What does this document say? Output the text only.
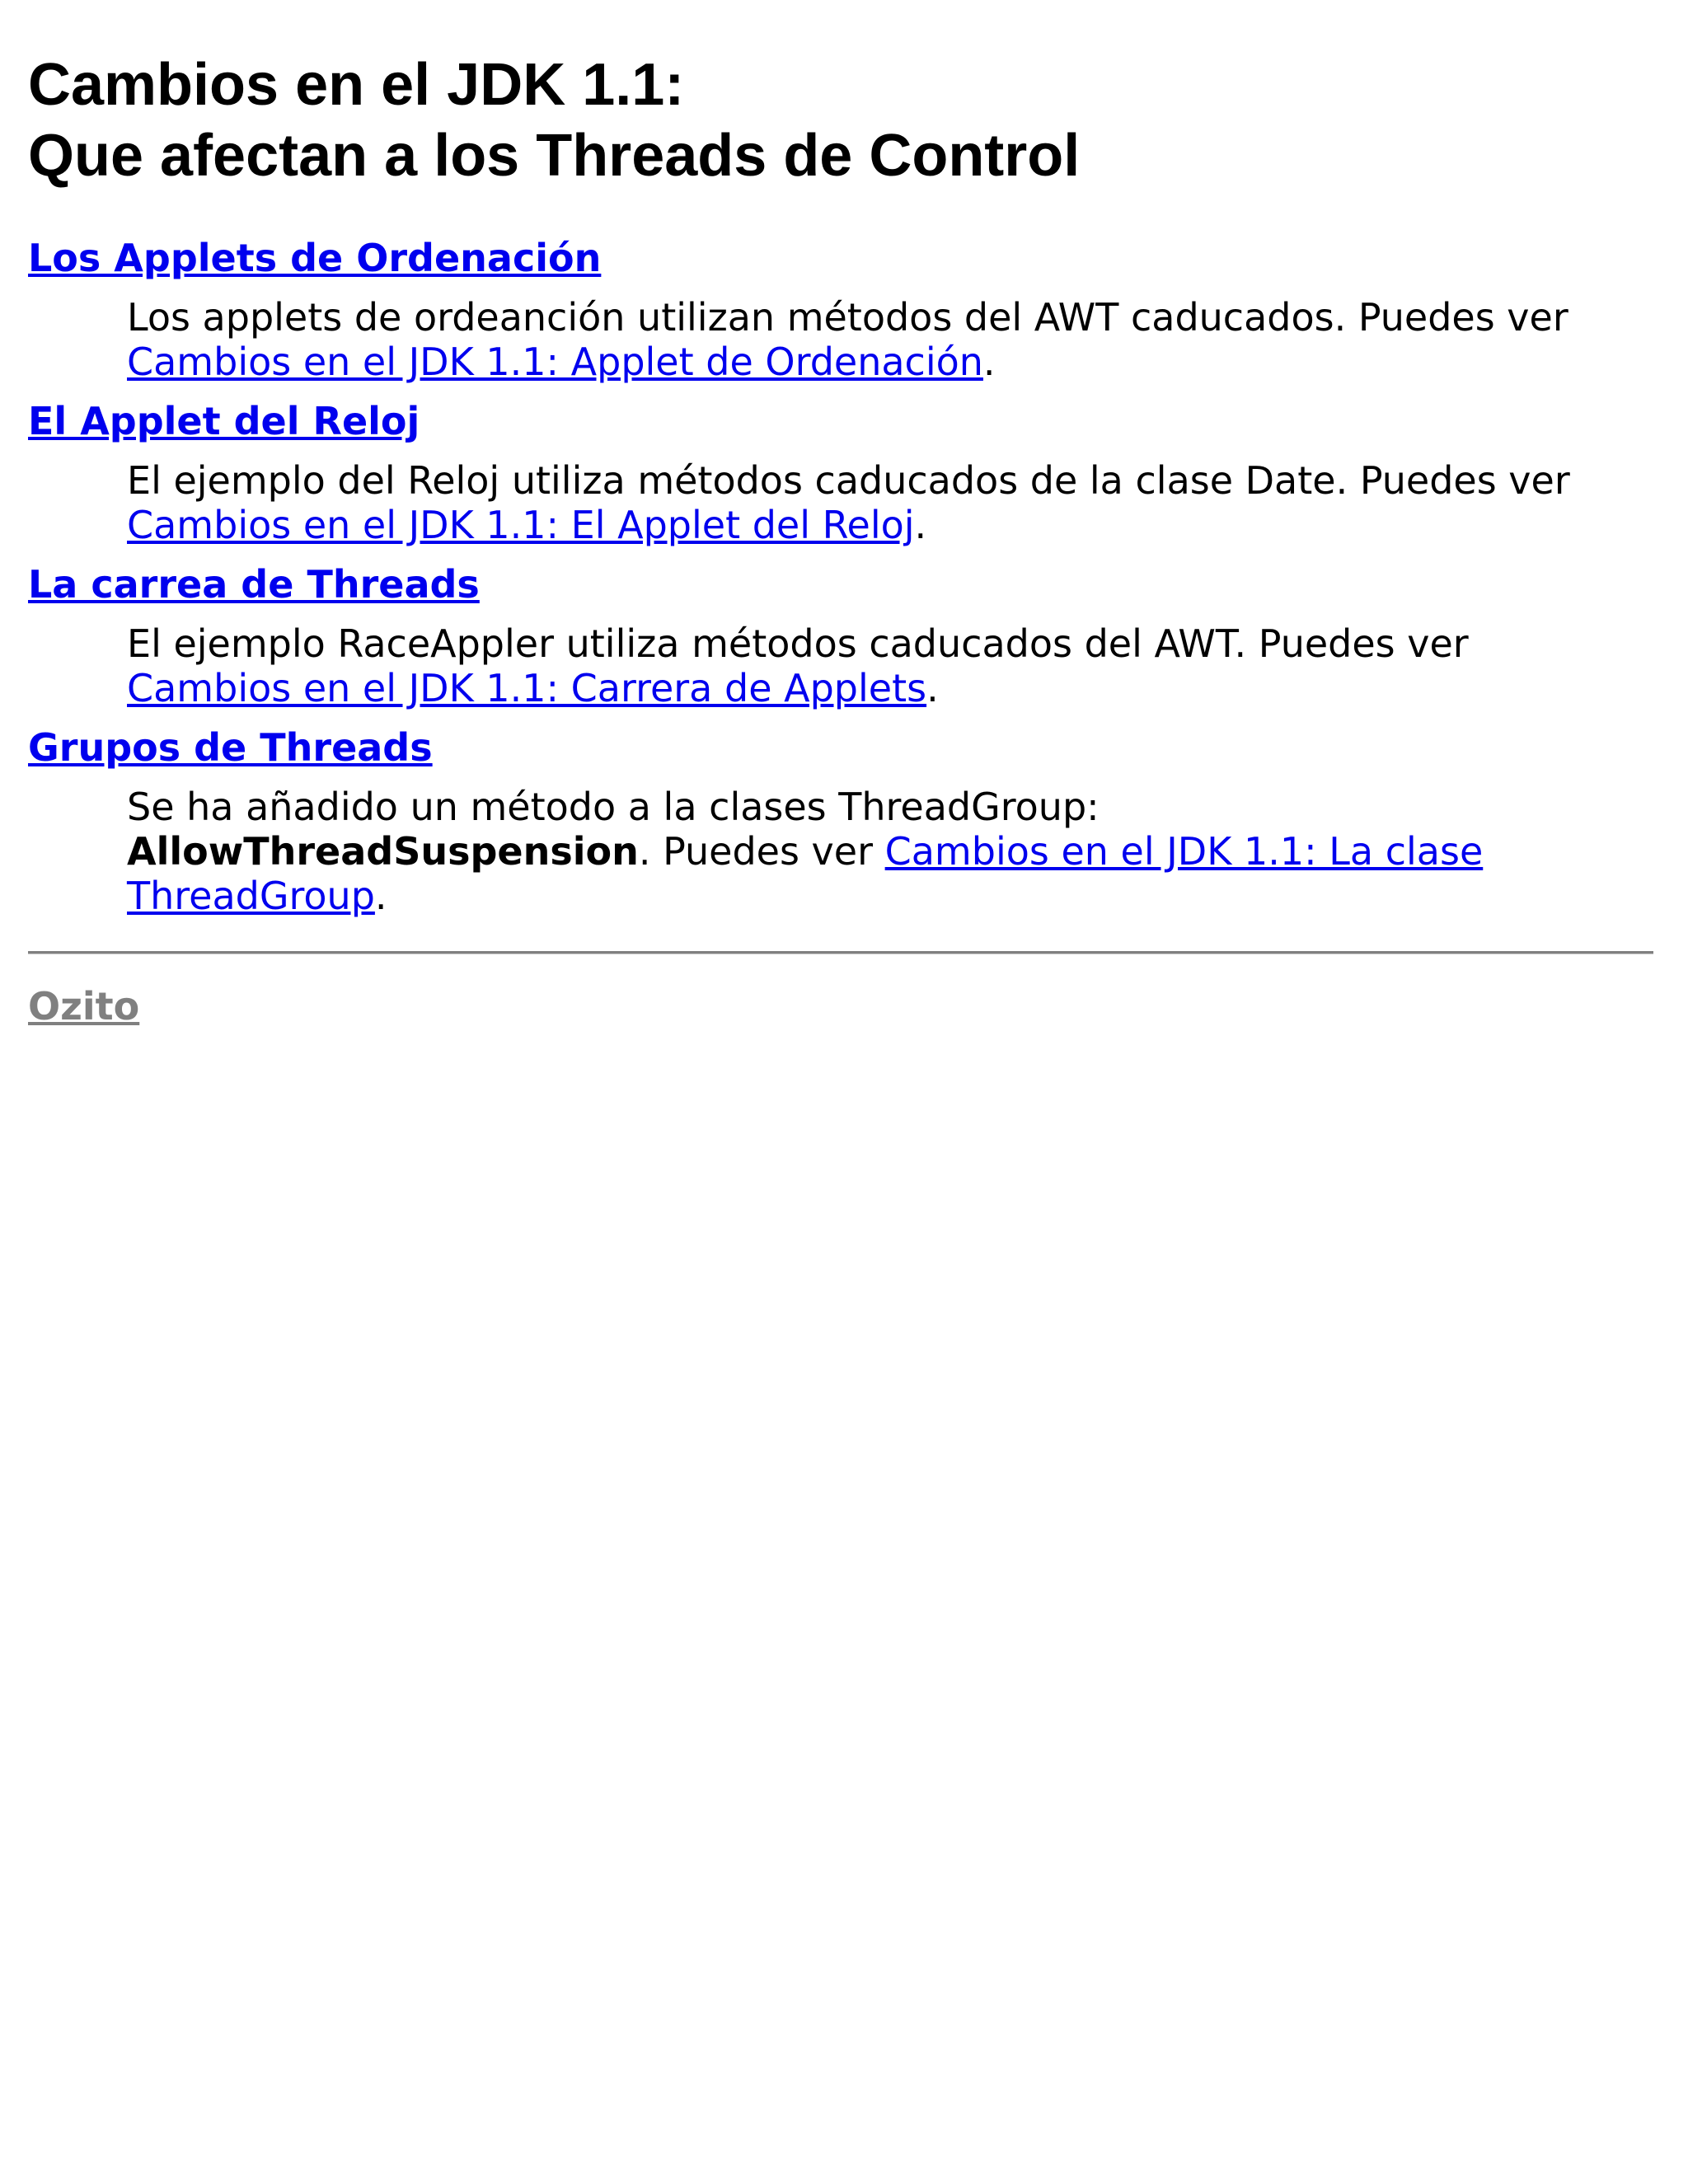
Cambios en el JDK 1.1:
Que afectan a los Threads de Control
Los Applets de Ordenación
Los applets de ordeanción utilizan métodos del AWT caducados. Puedes ver Cambios en el JDK 1.1: Applet de Ordenación.
El Applet del Reloj
El ejemplo del Reloj utiliza métodos caducados de la clase Date. Puedes ver Cambios en el JDK 1.1: El Applet del Reloj.
La carrea de Threads
El ejemplo RaceAppler utiliza métodos caducados del AWT. Puedes ver Cambios en el JDK 1.1: Carrera de Applets.
Grupos de Threads
Se ha añadido un método a la clases ThreadGroup: AllowThreadSuspension. Puedes ver Cambios en el JDK 1.1: La clase ThreadGroup.
Ozito
